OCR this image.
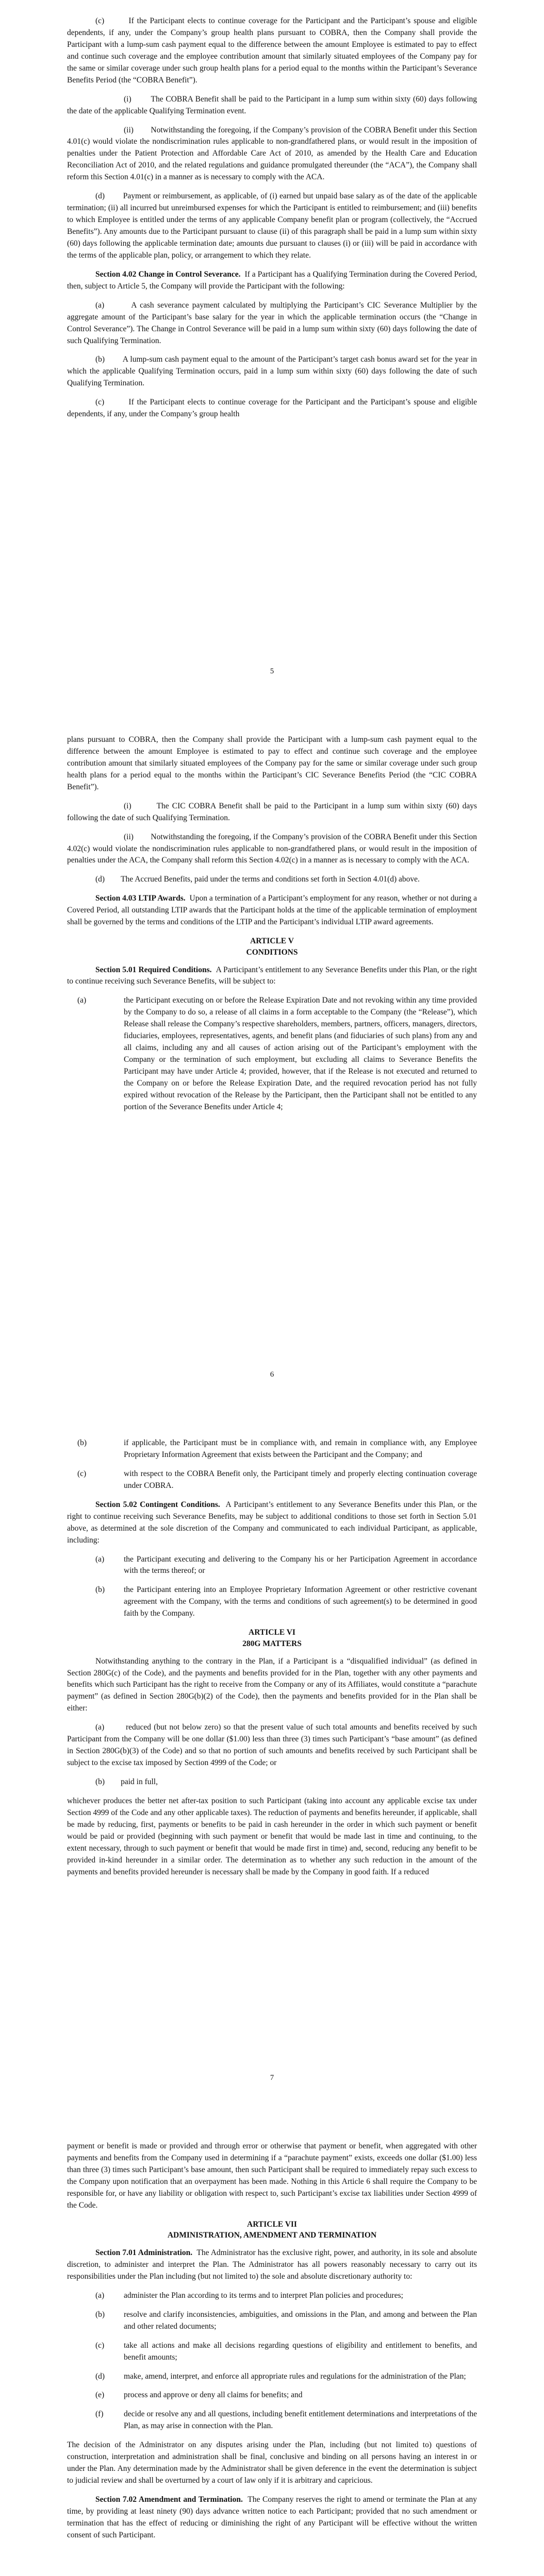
(c)	If the Participant elects to continue coverage for the Participant and the Participant’s spouse and eligible dependents, if any, under the Company’s group health plans pursuant to COBRA, then the Company shall provide the Participant with a lump-sum cash payment equal to the difference between the amount Employee is estimated to pay to effect and continue such coverage and the employee contribution amount that similarly situated employees of the Company pay for the same or similar coverage under such group health plans for a period equal to the months within the Participant’s Severance Benefits Period (the “COBRA Benefit”).

(i) The COBRA Benefit shall be paid to the Participant in a lump sum within sixty (60) days following the date of the applicable Qualifying Termination event.

(ii) Notwithstanding the foregoing, if the Company’s provision of the COBRA Benefit under this Section 4.01(c) would violate the nondiscrimination rules applicable to non-grandfathered plans, or would result in the imposition of penalties under the Patient Protection and Affordable Care Act of 2010, as amended by the Health Care and Education Reconciliation Act of 2010, and the related regulations and guidance promulgated thereunder (the “ACA”), the Company shall reform this Section 4.01(c) in a manner as is necessary to comply with the ACA.

(d) Payment or reimbursement, as applicable, of (i) earned but unpaid base salary as of the date of the applicable termination; (ii) all incurred but unreimbursed expenses for which the Participant is entitled to reimbursement; and (iii) benefits to which Employee is entitled under the terms of any applicable Company benefit plan or program (collectively, the “Accrued Benefits”). Any amounts due to the Participant pursuant to clause (ii) of this paragraph shall be paid in a lump sum within sixty (60) days following the applicable termination date; amounts due pursuant to clauses (i) or (iii) will be paid in accordance with the terms of the applicable plan, policy, or arrangement to which they relate.

Section 4.02 Change in Control Severance. If a Participant has a Qualifying Termination during the Covered Period, then, subject to Article 5, the Company will provide the Participant with the following:

(a)	A cash severance payment calculated by multiplying the Participant’s CIC Severance Multiplier by the aggregate amount of the Participant’s base salary for the year in which the applicable termination occurs (the “Change in Control Severance”). The Change in Control Severance will be paid in a lump sum within sixty (60) days following the date of such Qualifying Termination.

(b) A lump-sum cash payment equal to the amount of the Participant’s target cash bonus award set for the year in which the applicable Qualifying Termination occurs, paid in a lump sum within sixty (60) days following the date of such Qualifying Termination.

(c)	If the Participant elects to continue coverage for the Participant and the Participant’s spouse and eligible dependents, if any, under the Company’s group health

5

plans pursuant to COBRA, then the Company shall provide the Participant with a lump-sum cash payment equal to the difference between the amount Employee is estimated to pay to effect and continue such coverage and the employee contribution amount that similarly situated employees of the Company pay for the same or similar coverage under such group health plans for a period equal to the months within the Participant’s CIC Severance Benefits Period (the “CIC COBRA Benefit”).

(i)	The CIC COBRA Benefit shall be paid to the Participant in a lump sum within sixty (60) days following the date of such Qualifying Termination.

(ii) Notwithstanding the foregoing, if the Company’s provision of the COBRA Benefit under this Section 4.02(c) would violate the nondiscrimination rules applicable to non-grandfathered plans, or would result in the imposition of penalties under the ACA, the Company shall reform this Section 4.02(c) in a manner as is necessary to comply with the ACA.

(d) The Accrued Benefits, paid under the terms and conditions set forth in Section 4.01(d) above.

Section 4.03 LTIP Awards. Upon a termination of a Participant’s employment for any reason, whether or not during a Covered Period, all outstanding LTIP awards that the Participant holds at the time of the applicable termination of employment shall be governed by the terms and conditions of the LTIP and the Participant’s individual LTIP award agreements.

ARTICLE V
CONDITIONS

Section 5.01 Required Conditions. A Participant’s entitlement to any Severance Benefits under this Plan, or the right to continue receiving such Severance Benefits, will be subject to:

(a)	the Participant executing on or before the Release Expiration Date and not revoking within any time provided by the Company to do so, a release of all claims in a form acceptable to the Company (the “Release”), which Release shall release the Company’s respective shareholders, members, partners, officers, managers, directors, fiduciaries, employees, representatives, agents, and benefit plans (and fiduciaries of such plans) from any and all claims, including any and all causes of action arising out of the Participant’s employment with the Company or the termination of such employment, but excluding all claims to Severance Benefits the Participant may have under Article 4; provided, however, that if the Release is not executed and returned to the Company on or before the Release Expiration Date, and the required revocation period has not fully expired without revocation of the Release by the Participant, then the Participant shall not be entitled to any portion of the Severance Benefits under Article 4;
6
(b)	if applicable, the Participant must be in compliance with, and remain in compliance with, any Employee Proprietary Information Agreement that exists between the Participant and the Company; and
(c)	with respect to the COBRA Benefit only, the Participant timely and properly electing continuation coverage under COBRA.

Section 5.02 Contingent Conditions. A Participant’s entitlement to any Severance Benefits under this Plan, or the right to continue receiving such Severance Benefits, may be subject to additional conditions to those set forth in Section 5.01 above, as determined at the sole discretion of the Company and communicated to each individual Participant, as applicable, including:

(a)	the Participant executing and delivering to the Company his or her Participation Agreement in accordance with the terms thereof; or
(b)	the Participant entering into an Employee Proprietary Information Agreement or other restrictive covenant agreement with the Company, with the terms and conditions of such agreement(s) to be determined in good faith by the Company.
ARTICLE VI
280G MATTERS

Notwithstanding anything to the contrary in the Plan, if a Participant is a “disqualified individual” (as defined in Section 280G(c) of the Code), and the payments and benefits provided for in the Plan, together with any other payments and benefits which such Participant has the right to receive from the Company or any of its Affiliates, would constitute a “parachute payment” (as defined in Section 280G(b)(2) of the Code), then the payments and benefits provided for in the Plan shall be either:

(a)	reduced (but not below zero) so that the present value of such total amounts and benefits received by such Participant from the Company will be one dollar ($1.00) less than three (3) times such Participant’s “base amount” (as defined in Section 280G(b)(3) of the Code) and so that no portion of such amounts and benefits received by such Participant shall be subject to the excise tax imposed by Section 4999 of the Code; or

(b) paid in full,

whichever produces the better net after-tax position to such Participant (taking into account any applicable excise tax under Section 4999 of the Code and any other applicable taxes). The reduction of payments and benefits hereunder, if applicable, shall be made by reducing, first, payments or benefits to be paid in cash hereunder in the order in which such payment or benefit would be paid or provided (beginning with such payment or benefit that would be made last in time and continuing, to the extent necessary, through to such payment or benefit that would be made first in time) and, second, reducing any benefit to be provided in-kind hereunder in a similar order. The determination as to whether any such reduction in the amount of the payments and benefits provided hereunder is necessary shall be made by the Company in good faith. If a reduced

7

payment or benefit is made or provided and through error or otherwise that payment or benefit, when aggregated with other payments and benefits from the Company used in determining if a “parachute payment” exists, exceeds one dollar ($1.00) less than three (3) times such Participant’s base amount, then such Participant shall be required to immediately repay such excess to the Company upon notification that an overpayment has been made. Nothing in this Article 6 shall require the Company to be responsible for, or have any liability or obligation with respect to, such Participant’s excise tax liabilities under Section 4999 of the Code.

ARTICLE VII
ADMINISTRATION, AMENDMENT AND TERMINATION

Section 7.01 Administration. The Administrator has the exclusive right, power, and authority, in its sole and absolute discretion, to administer and interpret the Plan. The Administrator has all powers reasonably necessary to carry out its responsibilities under the Plan including (but not limited to) the sole and absolute discretionary authority to:

(a)	administer the Plan according to its terms and to interpret Plan policies and procedures;
(b)	resolve and clarify inconsistencies, ambiguities, and omissions in the Plan, and among and between the Plan and other related documents;
(c)	take all actions and make all decisions regarding questions of eligibility and entitlement to benefits, and benefit amounts;
(d)	make, amend, interpret, and enforce all appropriate rules and regulations for the administration of the Plan;
(e)	process and approve or deny all claims for benefits; and
(f)	decide or resolve any and all questions, including benefit entitlement determinations and interpretations of the Plan, as may arise in connection with the Plan.

The decision of the Administrator on any disputes arising under the Plan, including (but not limited to) questions of construction, interpretation and administration shall be final, conclusive and binding on all persons having an interest in or under the Plan. Any determination made by the Administrator shall be given deference in the event the determination is subject to judicial review and shall be overturned by a court of law only if it is arbitrary and capricious.

Section 7.02 Amendment and Termination. The Company reserves the right to amend or terminate the Plan at any time, by providing at least ninety (90) days advance written notice to each Participant; provided that no such amendment or termination that has the effect of reducing or diminishing the right of any Participant will be effective without the written consent of such Participant.
